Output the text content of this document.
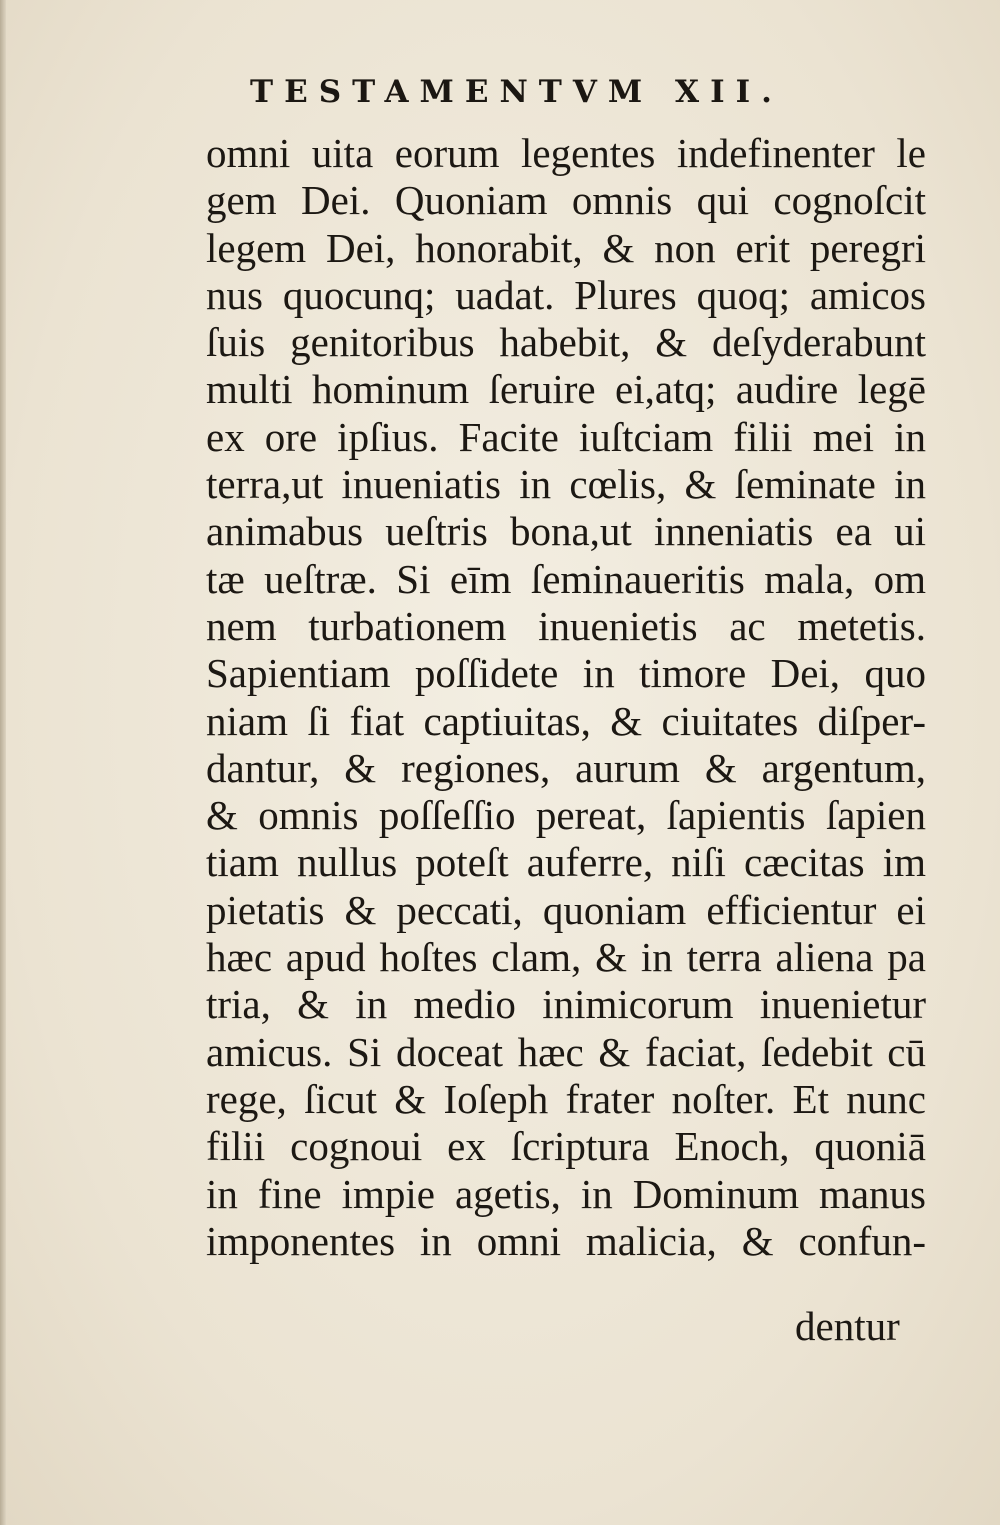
TESTAMENTVM XII.
omni uita eorum legentes indefinenter le
gem Dei. Quoniam omnis qui cognoſcit
legem Dei, honorabit, & non erit peregri
nus quocunq; uadat. Plures quoq; amicos
ſuis genitoribus habebit, & deſyderabunt
multi hominum ſeruire ei,atq; audire legē
ex ore ipſius. Facite iuſtciam filii mei in
terra,ut inueniatis in cœlis, & ſeminate in
animabus ueſtris bona,ut inneniatis ea ui
tæ ueſtræ. Si eīm ſeminaueritis mala, om
nem turbationem inuenietis ac metetis.
Sapientiam poſſidete in timore Dei, quo
niam ſi fiat captiuitas, & ciuitates diſper-
dantur, & regiones, aurum & argentum,
& omnis poſſeſſio pereat, ſapientis ſapien
tiam nullus poteſt auferre, niſi cæcitas im
pietatis & peccati, quoniam efficientur ei
hæc apud hoſtes clam, & in terra aliena pa
tria, & in medio inimicorum inuenietur
amicus. Si doceat hæc & faciat, ſedebit cū
rege, ſicut & Ioſeph frater noſter. Et nunc
filii cognoui ex ſcriptura Enoch, quoniā
in fine impie agetis, in Dominum manus
imponentes in omni malicia, & confun-
dentur
